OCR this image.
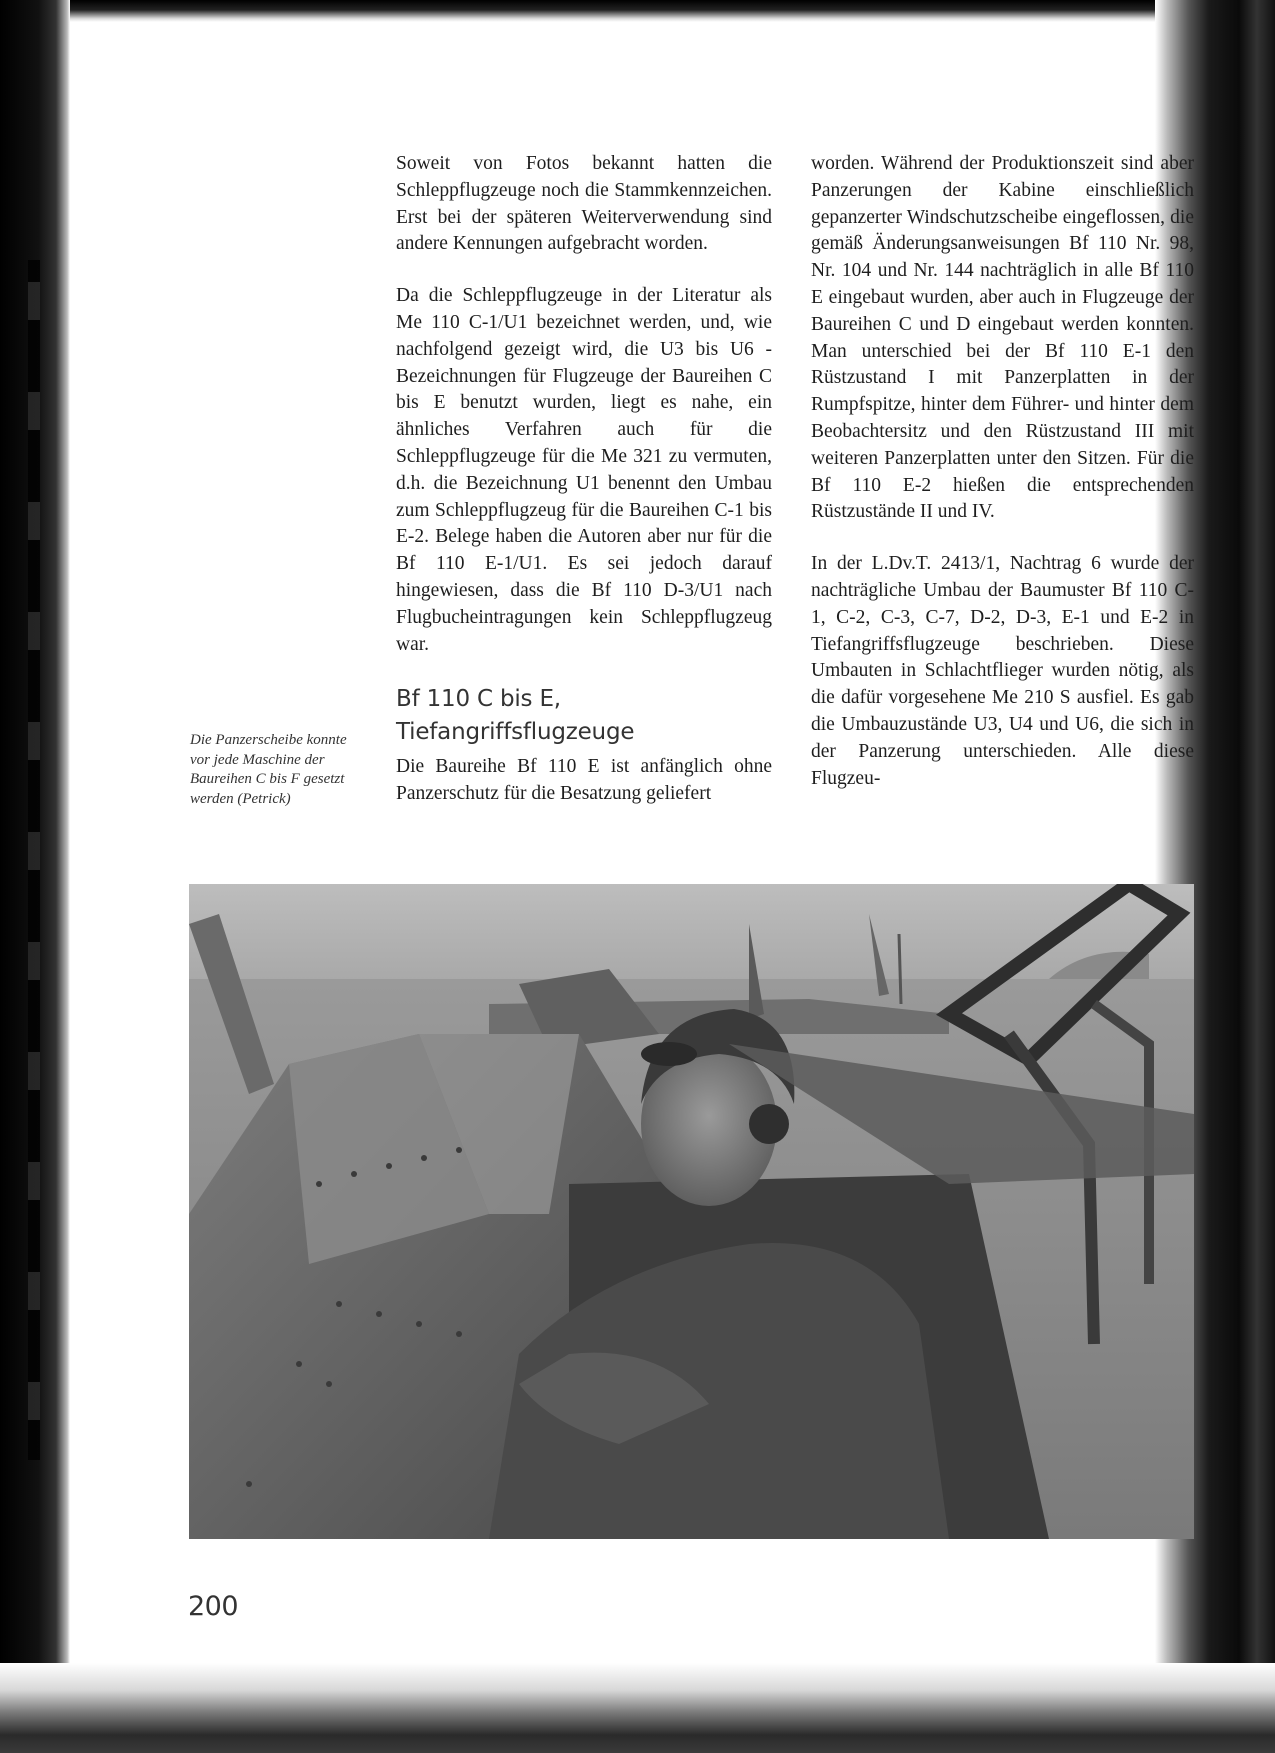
Die Panzerscheibe konnte vor jede Maschine der Baureihen C bis F gesetzt werden (Petrick)

Soweit von Fotos bekannt hatten die Schleppflugzeuge noch die Stammkennzeichen. Erst bei der späteren Weiterverwendung sind andere Kennungen aufgebracht worden.

Da die Schleppflugzeuge in der Literatur als Me 110 C-1/U1 bezeichnet werden, und, wie nachfolgend gezeigt wird, die U3 bis U6 - Bezeichnungen für Flugzeuge der Baureihen C bis E benutzt wurden, liegt es nahe, ein ähnliches Verfahren auch für die Schleppflugzeuge für die Me 321 zu vermuten, d.h. die Bezeichnung U1 benennt den Umbau zum Schleppflugzeug für die Baureihen C-1 bis E-2. Belege haben die Autoren aber nur für die Bf 110 E-1/U1. Es sei jedoch darauf hingewiesen, dass die Bf 110 D-3/U1 nach Flugbucheintragungen kein Schleppflugzeug war.

Bf 110 C bis E,
Tiefangriffsflugzeuge

Die Baureihe Bf 110 E ist anfänglich ohne Panzerschutz für die Besatzung geliefert

worden. Während der Produktionszeit sind aber Panzerungen der Kabine einschließlich gepanzerter Windschutzscheibe eingeflossen, die gemäß Änderungsanweisungen Bf 110 Nr. 98, Nr. 104 und Nr. 144 nachträglich in alle Bf 110 E eingebaut wurden, aber auch in Flugzeuge der Baureihen C und D eingebaut werden konnten. Man unterschied bei der Bf 110 E-1 den Rüstzustand I mit Panzerplatten in der Rumpfspitze, hinter dem Führer- und hinter dem Beobachtersitz und den Rüstzustand III mit weiteren Panzerplatten unter den Sitzen. Für die Bf 110 E-2 hießen die entsprechenden Rüstzustände II und IV.

In der L.Dv.T. 2413/1, Nachtrag 6 wurde der nachträgliche Umbau der Baumuster Bf 110 C-1, C-2, C-3, C-7, D-2, D-3, E-1 und E-2 in Tiefangriffsflugzeuge beschrieben. Diese Umbauten in Schlachtflieger wurden nötig, als die dafür vorgesehene Me 210 S ausfiel. Es gab die Umbauzustände U3, U4 und U6, die sich in der Panzerung unterschieden. Alle diese Flugzeu-

200
